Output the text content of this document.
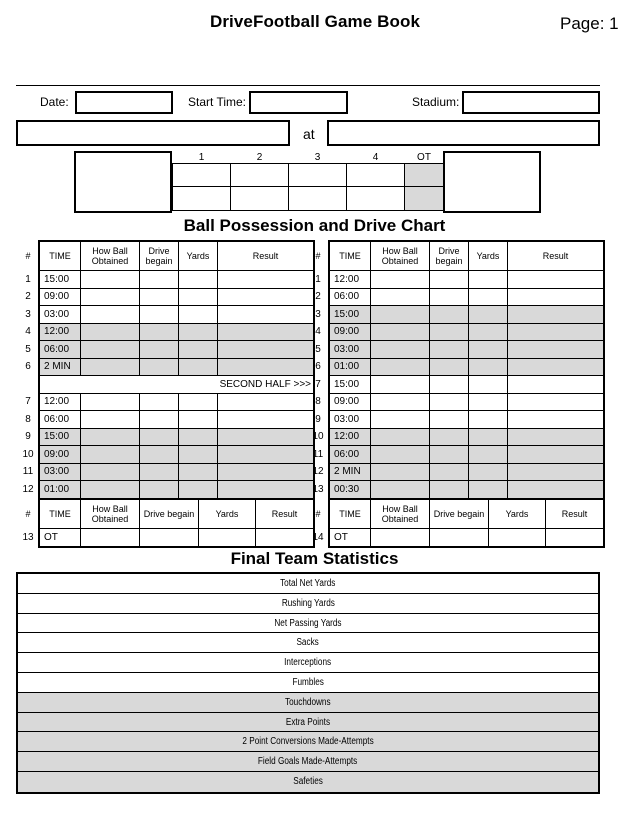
DriveFootball Game Book	Page: 1
Date:	Start Time:	Stadium:
at
1	2	3	4	OT

Ball Possession and Drive Chart
#	TIME	How Ball Obtained	Drive begain	Yards	Result
1	15:00				
2	09:00				
3	03:00				
4	12:00				
5	06:00				
6	2 MIN				
	SECOND HALF >>>				
7	12:00				
8	06:00				
9	15:00				
10	09:00				
11	03:00				
12	01:00				
#	TIME	How Ball Obtained	Drive begain	Yards	Result
1	12:00				
2	06:00				
3	15:00				
4	09:00				
5	03:00				
6	01:00				
7	15:00				
8	09:00				
9	03:00				
10	12:00				
11	06:00				
12	2 MIN				
13	00:30				
#	TIME	How Ball Obtained	Drive begain	Yards	Result
13	OT				
#	TIME	How Ball Obtained	Drive begain	Yards	Result
14	OT				
Final Team Statistics
Total Net Yards
Rushing Yards
Net Passing Yards
Sacks
Interceptions
Fumbles
Touchdowns
Extra Points
2 Point Conversions Made-Attempts
Field Goals Made-Attempts
Safeties
